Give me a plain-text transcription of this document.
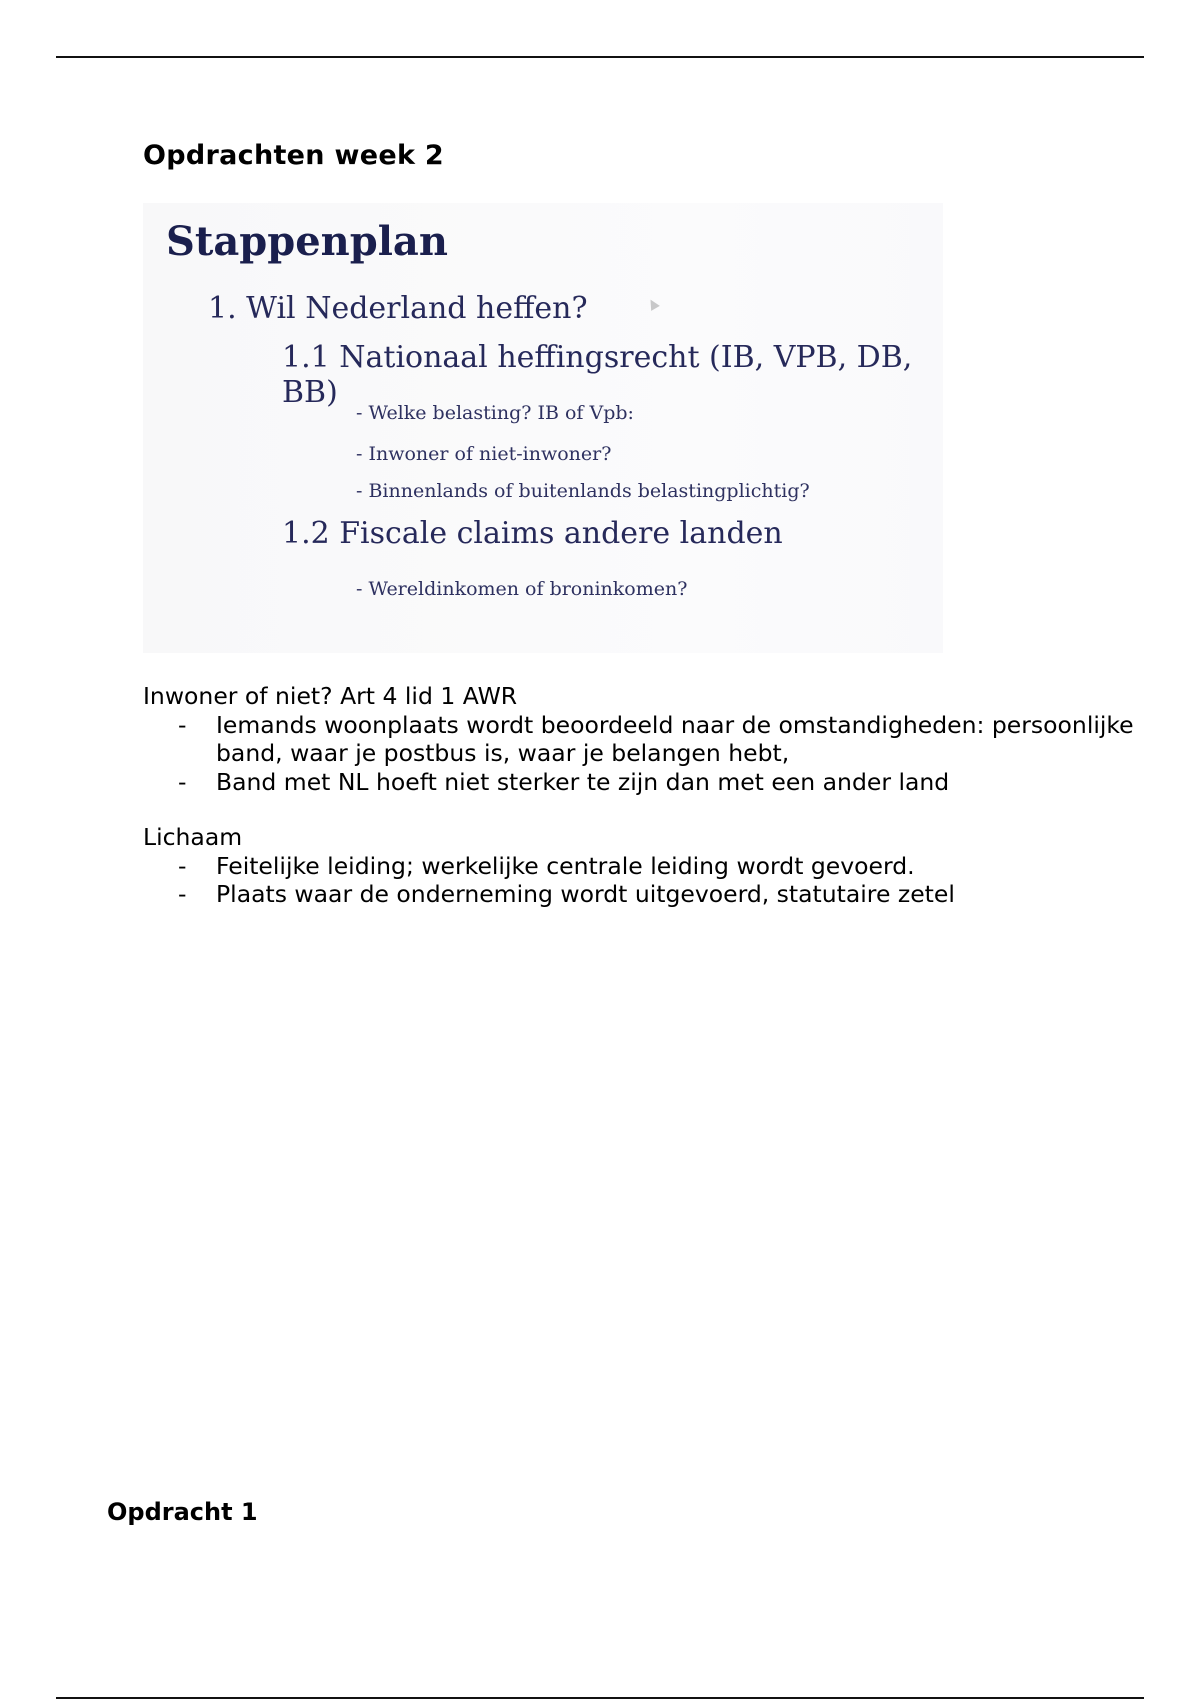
Opdrachten week 2
Stappenplan
1. Wil Nederland heffen?
1.1 Nationaal heffingsrecht (IB, VPB, DB, BB)
- Welke belasting? IB of Vpb:
- Inwoner of niet-inwoner?
- Binnenlands of buitenlands belastingplichtig?
1.2 Fiscale claims andere landen
- Wereldinkomen of broninkomen?

Inwoner of niet? Art 4 lid 1 AWR

- Iemands woonplaats wordt beoordeeld naar de omstandigheden: persoonlijke band, waar je postbus is, waar je belangen hebt,
- Band met NL hoeft niet sterker te zijn dan met een ander land

Lichaam

- Feitelijke leiding; werkelijke centrale leiding wordt gevoerd.
- Plaats waar de onderneming wordt uitgevoerd, statutaire zetel
Opdracht 1
